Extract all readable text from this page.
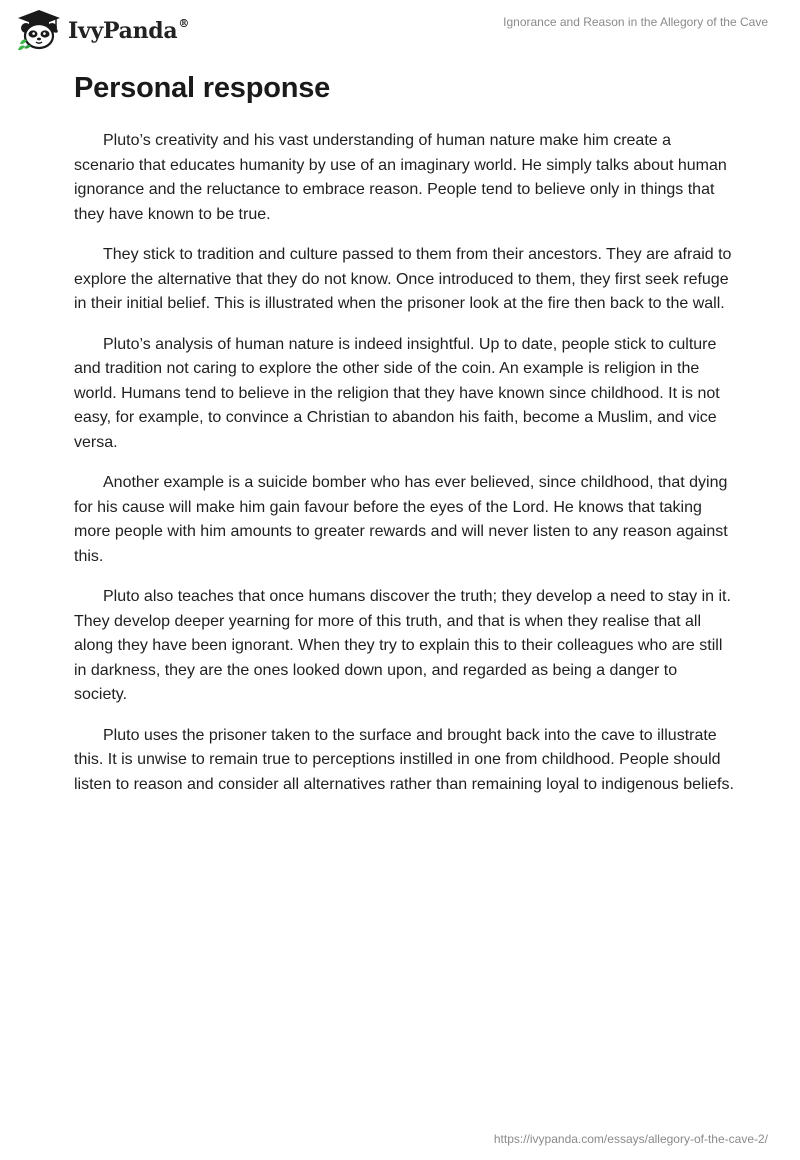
IvyPanda®	Ignorance and Reason in the Allegory of the Cave
Personal response

Pluto’s creativity and his vast understanding of human nature make him create a scenario that educates humanity by use of an imaginary world. He simply talks about human ignorance and the reluctance to embrace reason. People tend to believe only in things that they have known to be true.

They stick to tradition and culture passed to them from their ancestors. They are afraid to explore the alternative that they do not know. Once introduced to them, they first seek refuge in their initial belief. This is illustrated when the prisoner look at the fire then back to the wall.

Pluto’s analysis of human nature is indeed insightful. Up to date, people stick to culture and tradition not caring to explore the other side of the coin. An example is religion in the world. Humans tend to believe in the religion that they have known since childhood. It is not easy, for example, to convince a Christian to abandon his faith, become a Muslim, and vice versa.

Another example is a suicide bomber who has ever believed, since childhood, that dying for his cause will make him gain favour before the eyes of the Lord. He knows that taking more people with him amounts to greater rewards and will never listen to any reason against this.

Pluto also teaches that once humans discover the truth; they develop a need to stay in it. They develop deeper yearning for more of this truth, and that is when they realise that all along they have been ignorant. When they try to explain this to their colleagues who are still in darkness, they are the ones looked down upon, and regarded as being a danger to society.

Pluto uses the prisoner taken to the surface and brought back into the cave to illustrate this. It is unwise to remain true to perceptions instilled in one from childhood. People should listen to reason and consider all alternatives rather than remaining loyal to indigenous beliefs.

https://ivypanda.com/essays/allegory-of-the-cave-2/
